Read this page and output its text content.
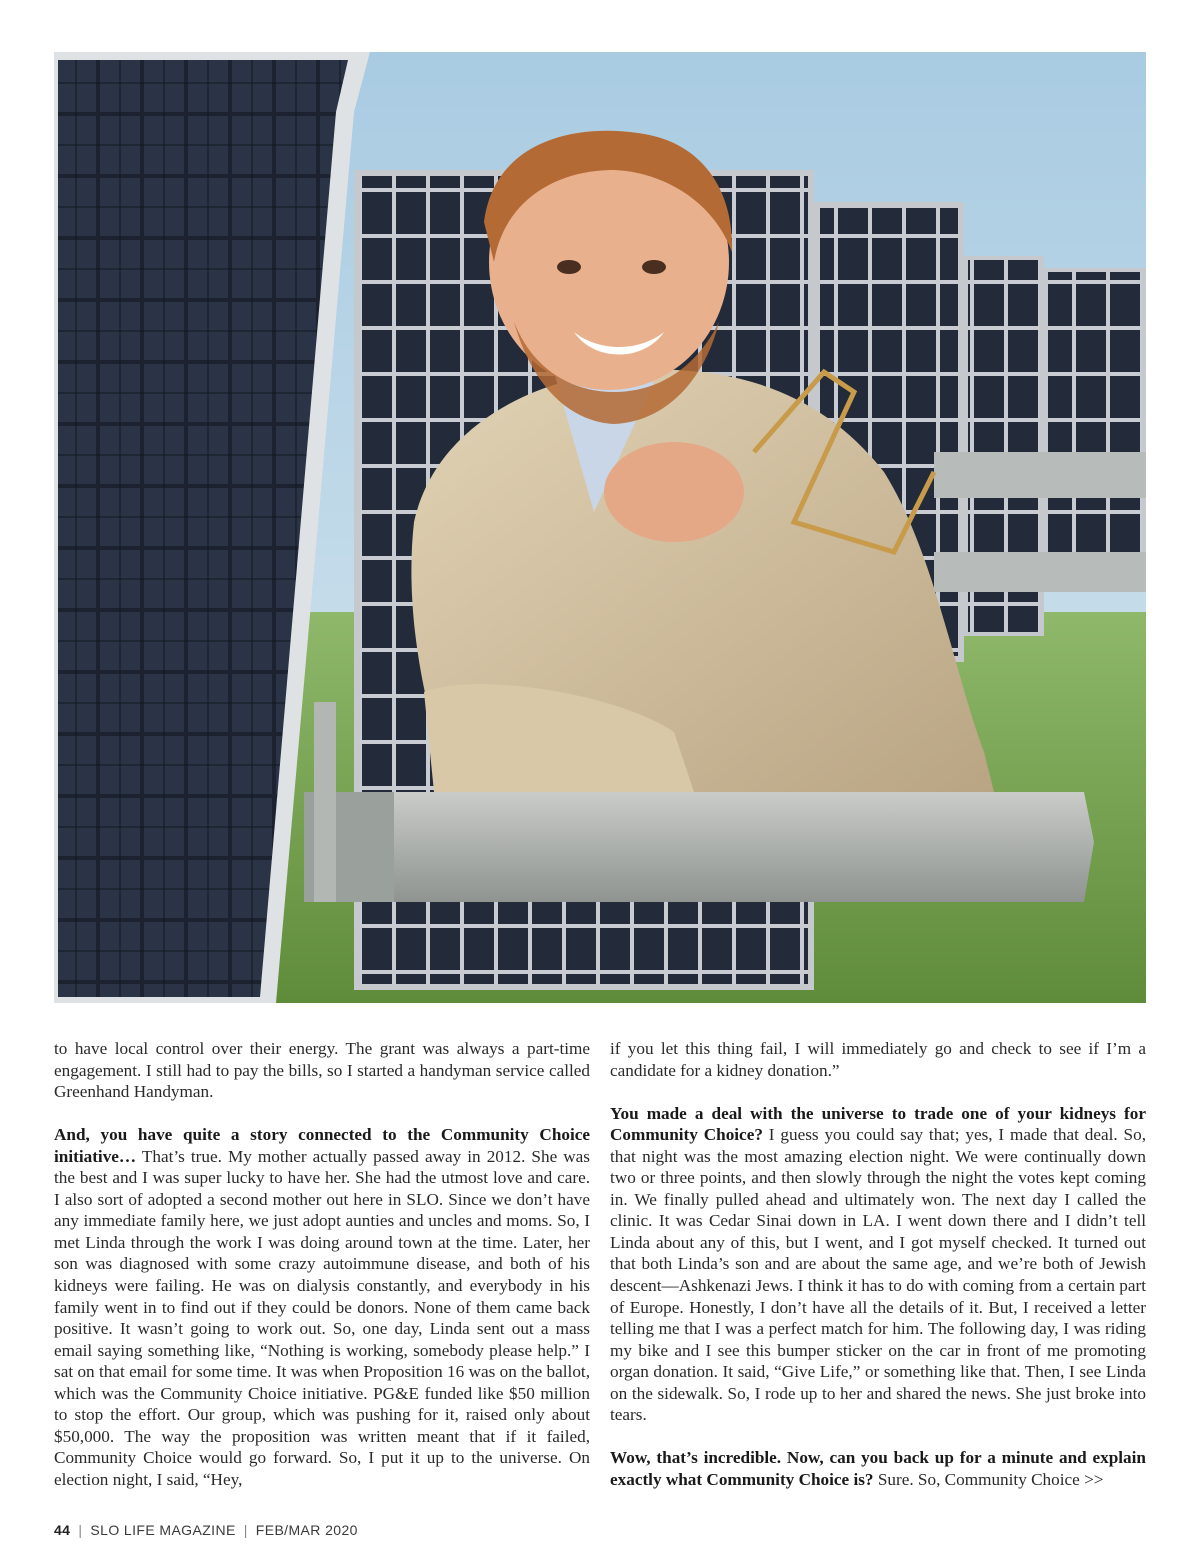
to have local control over their energy. The grant was always a part-time engagement. I still had to pay the bills, so I started a handyman service called Greenhand Handyman.

And, you have quite a story connected to the Community Choice initiative… That’s true. My mother actually passed away in 2012. She was the best and I was super lucky to have her. She had the utmost love and care. I also sort of adopted a second mother out here in SLO. Since we don’t have any immediate family here, we just adopt aunties and uncles and moms. So, I met Linda through the work I was doing around town at the time. Later, her son was diagnosed with some crazy autoimmune disease, and both of his kidneys were failing. He was on dialysis constantly, and everybody in his family went in to find out if they could be donors. None of them came back positive. It wasn’t going to work out. So, one day, Linda sent out a mass email saying something like, “Nothing is working, somebody please help.” I sat on that email for some time. It was when Proposition 16 was on the ballot, which was the Community Choice initiative. PG&E funded like $50 million to stop the effort. Our group, which was pushing for it, raised only about $50,000. The way the proposition was written meant that if it failed, Community Choice would go forward. So, I put it up to the universe. On election night, I said, “Hey,

if you let this thing fail, I will immediately go and check to see if I’m a candidate for a kidney donation.”

You made a deal with the universe to trade one of your kidneys for Community Choice? I guess you could say that; yes, I made that deal. So, that night was the most amazing election night. We were continually down two or three points, and then slowly through the night the votes kept coming in. We finally pulled ahead and ultimately won. The next day I called the clinic. It was Cedar Sinai down in LA. I went down there and I didn’t tell Linda about any of this, but I went, and I got myself checked. It turned out that both Linda’s son and are about the same age, and we’re both of Jewish descent—Ashkenazi Jews. I think it has to do with coming from a certain part of Europe. Honestly, I don’t have all the details of it. But, I received a letter telling me that I was a perfect match for him. The following day, I was riding my bike and I see this bumper sticker on the car in front of me promoting organ donation. It said, “Give Life,” or something like that. Then, I see Linda on the sidewalk. So, I rode up to her and shared the news. She just broke into tears.

Wow, that’s incredible. Now, can you back up for a minute and explain exactly what Community Choice is? Sure. So, Community Choice >>

44 | SLO LIFE MAGAZINE | FEB/MAR 2020
